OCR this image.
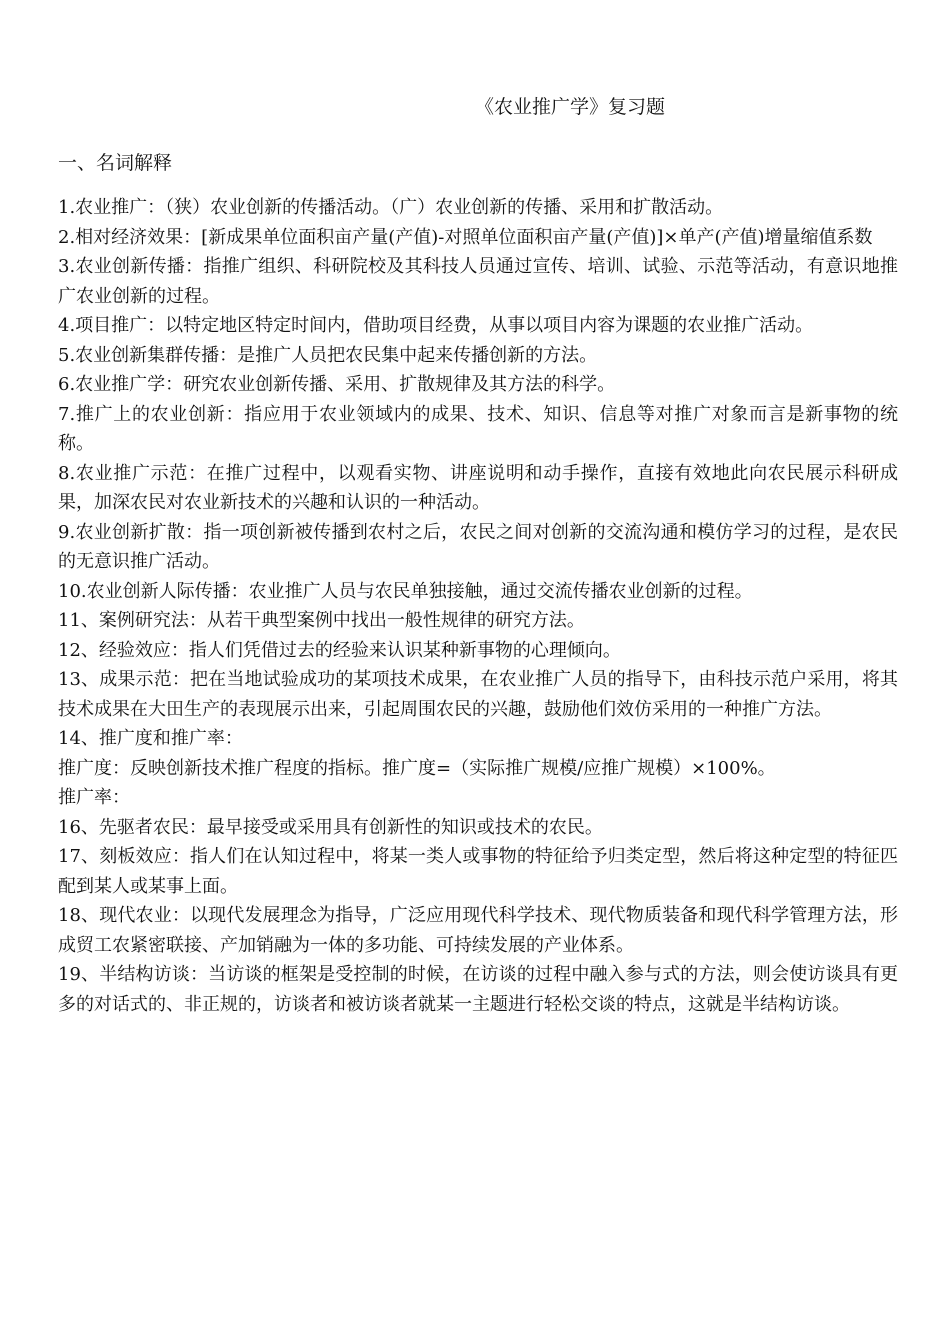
《农业推广学》复习题
一、名词解释

1.农业推广：（狭）农业创新的传播活动。（广）农业创新的传播、采用和扩散活动。

2.相对经济效果：[新成果单位面积亩产量(产值)-对照单位面积亩产量(产值)]×单产(产值)增量缩值系数

3.农业创新传播：指推广组织、科研院校及其科技人员通过宣传、培训、试验、示范等活动，有意识地推广农业创新的过程。

4.项目推广：以特定地区特定时间内，借助项目经费，从事以项目内容为课题的农业推广活动。

5.农业创新集群传播：是推广人员把农民集中起来传播创新的方法。

6.农业推广学：研究农业创新传播、采用、扩散规律及其方法的科学。

7.推广上的农业创新：指应用于农业领域内的成果、技术、知识、信息等对推广对象而言是新事物的统称。

8.农业推广示范：在推广过程中，以观看实物、讲座说明和动手操作，直接有效地此向农民展示科研成果，加深农民对农业新技术的兴趣和认识的一种活动。

9.农业创新扩散：指一项创新被传播到农村之后，农民之间对创新的交流沟通和模仿学习的过程，是农民的无意识推广活动。

10.农业创新人际传播：农业推广人员与农民单独接触，通过交流传播农业创新的过程。

11、案例研究法：从若干典型案例中找出一般性规律的研究方法。

12、经验效应：指人们凭借过去的经验来认识某种新事物的心理倾向。

13、成果示范：把在当地试验成功的某项技术成果，在农业推广人员的指导下，由科技示范户采用，将其技术成果在大田生产的表现展示出来，引起周围农民的兴趣，鼓励他们效仿采用的一种推广方法。

14、推广度和推广率：

推广度：反映创新技术推广程度的指标。推广度=（实际推广规模/应推广规模）×100%。

推广率：

16、先驱者农民：最早接受或采用具有创新性的知识或技术的农民。

17、刻板效应：指人们在认知过程中，将某一类人或事物的特征给予归类定型，然后将这种定型的特征匹配到某人或某事上面。

18、现代农业：以现代发展理念为指导，广泛应用现代科学技术、现代物质装备和现代科学管理方法，形成贸工农紧密联接、产加销融为一体的多功能、可持续发展的产业体系。

19、半结构访谈：当访谈的框架是受控制的时候，在访谈的过程中融入参与式的方法，则会使访谈具有更多的对话式的、非正规的，访谈者和被访谈者就某一主题进行轻松交谈的特点，这就是半结构访谈。
